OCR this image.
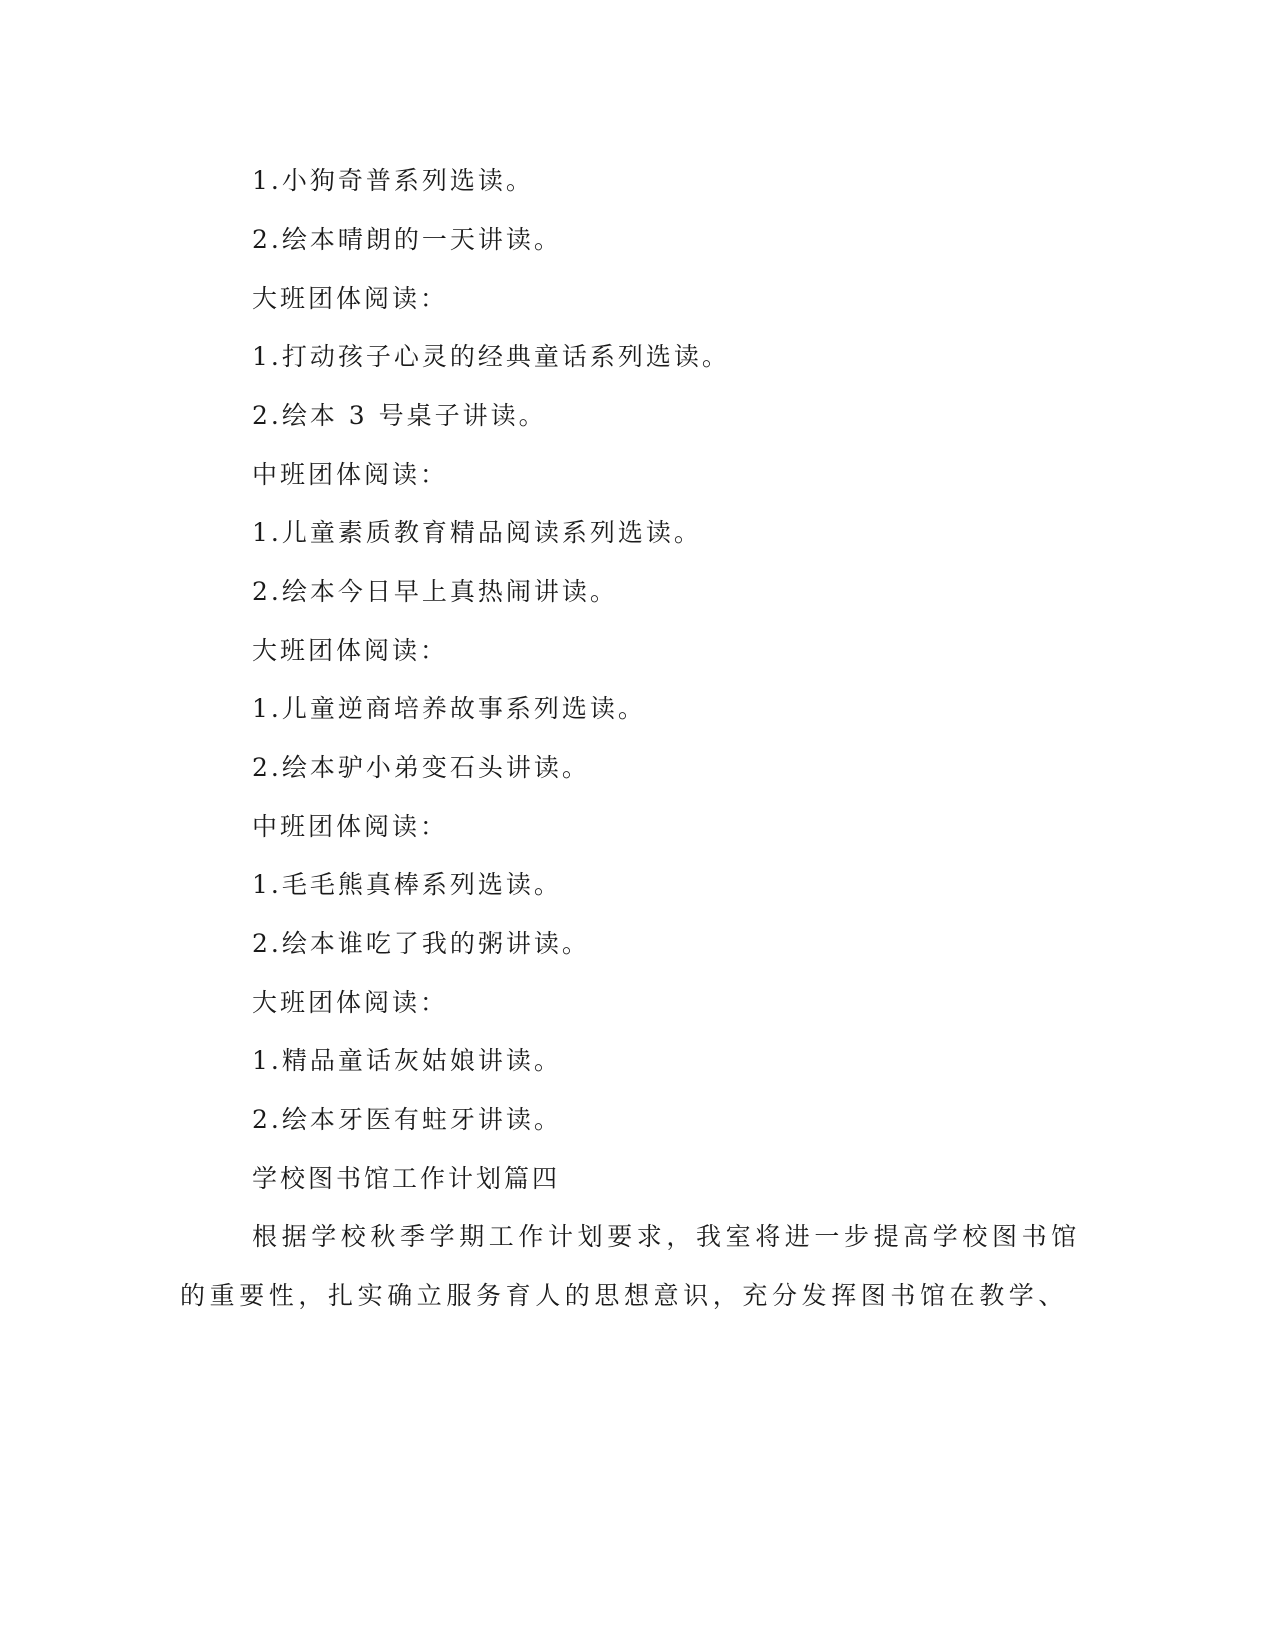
1.小狗奇普系列选读。
2.绘本晴朗的一天讲读。
大班团体阅读：
1.打动孩子心灵的经典童话系列选读。
2.绘本 3 号桌子讲读。
中班团体阅读：
1.儿童素质教育精品阅读系列选读。
2.绘本今日早上真热闹讲读。
大班团体阅读：
1.儿童逆商培养故事系列选读。
2.绘本驴小弟变石头讲读。
中班团体阅读：
1.毛毛熊真棒系列选读。
2.绘本谁吃了我的粥讲读。
大班团体阅读：
1.精品童话灰姑娘讲读。
2.绘本牙医有蛀牙讲读。
学校图书馆工作计划篇四
根据学校秋季学期工作计划要求，我室将进一步提高学校图书馆
的重要性，扎实确立服务育人的思想意识，充分发挥图书馆在教学、
